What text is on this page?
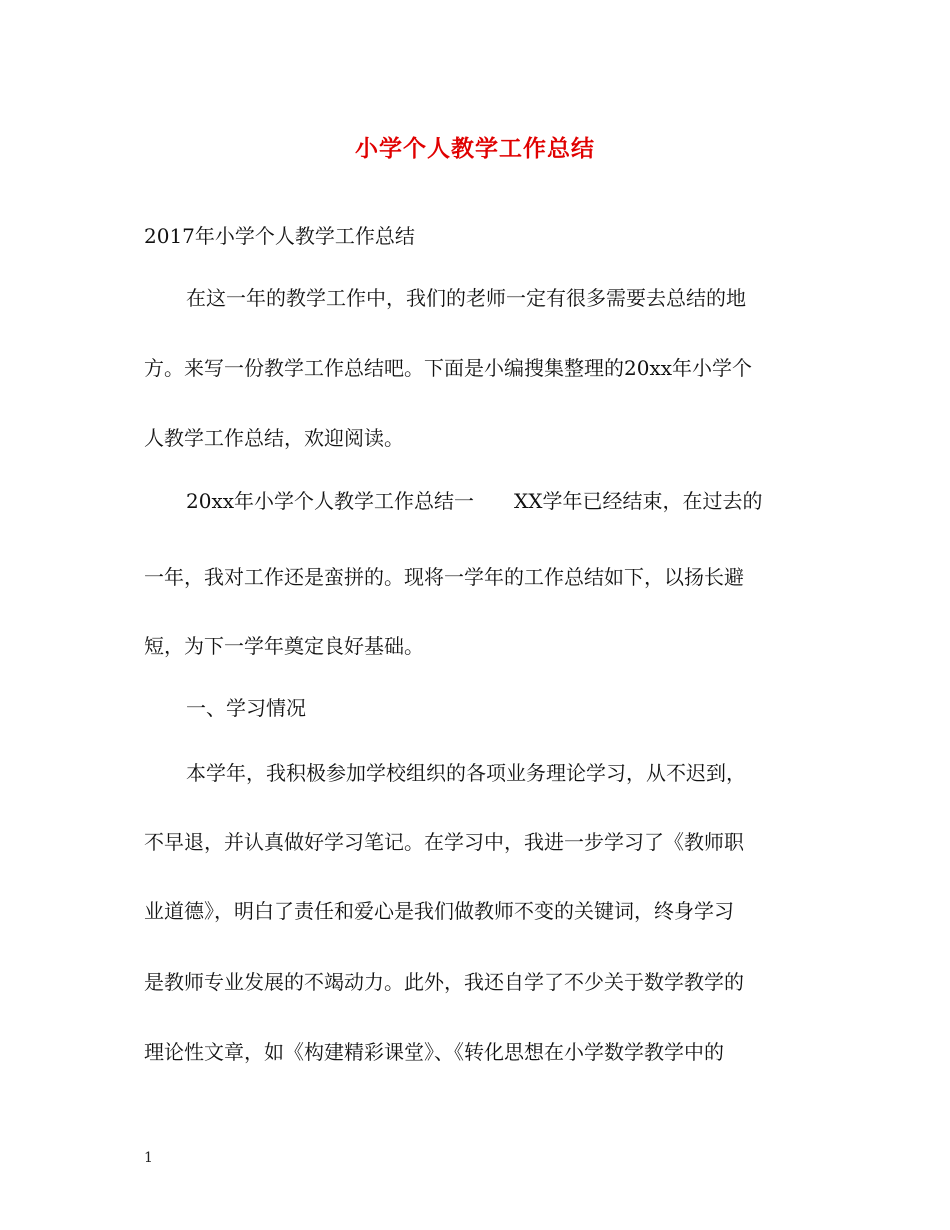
小学个人教学工作总结
2017年小学个人教学工作总结
在这一年的教学工作中，我们的老师一定有很多需要去总结的地
方。来写一份教学工作总结吧。下面是小编搜集整理的20xx年小学个
人教学工作总结，欢迎阅读。
20xx年小学个人教学工作总结一　　XX学年已经结束，在过去的
一年，我对工作还是蛮拼的。现将一学年的工作总结如下，以扬长避
短，为下一学年奠定良好基础。
一、学习情况
本学年，我积极参加学校组织的各项业务理论学习，从不迟到，
不早退，并认真做好学习笔记。在学习中，我进一步学习了《教师职
业道德》，明白了责任和爱心是我们做教师不变的关键词，终身学习
是教师专业发展的不竭动力。此外，我还自学了不少关于数学教学的
理论性文章，如《构建精彩课堂》、《转化思想在小学数学教学中的
1
